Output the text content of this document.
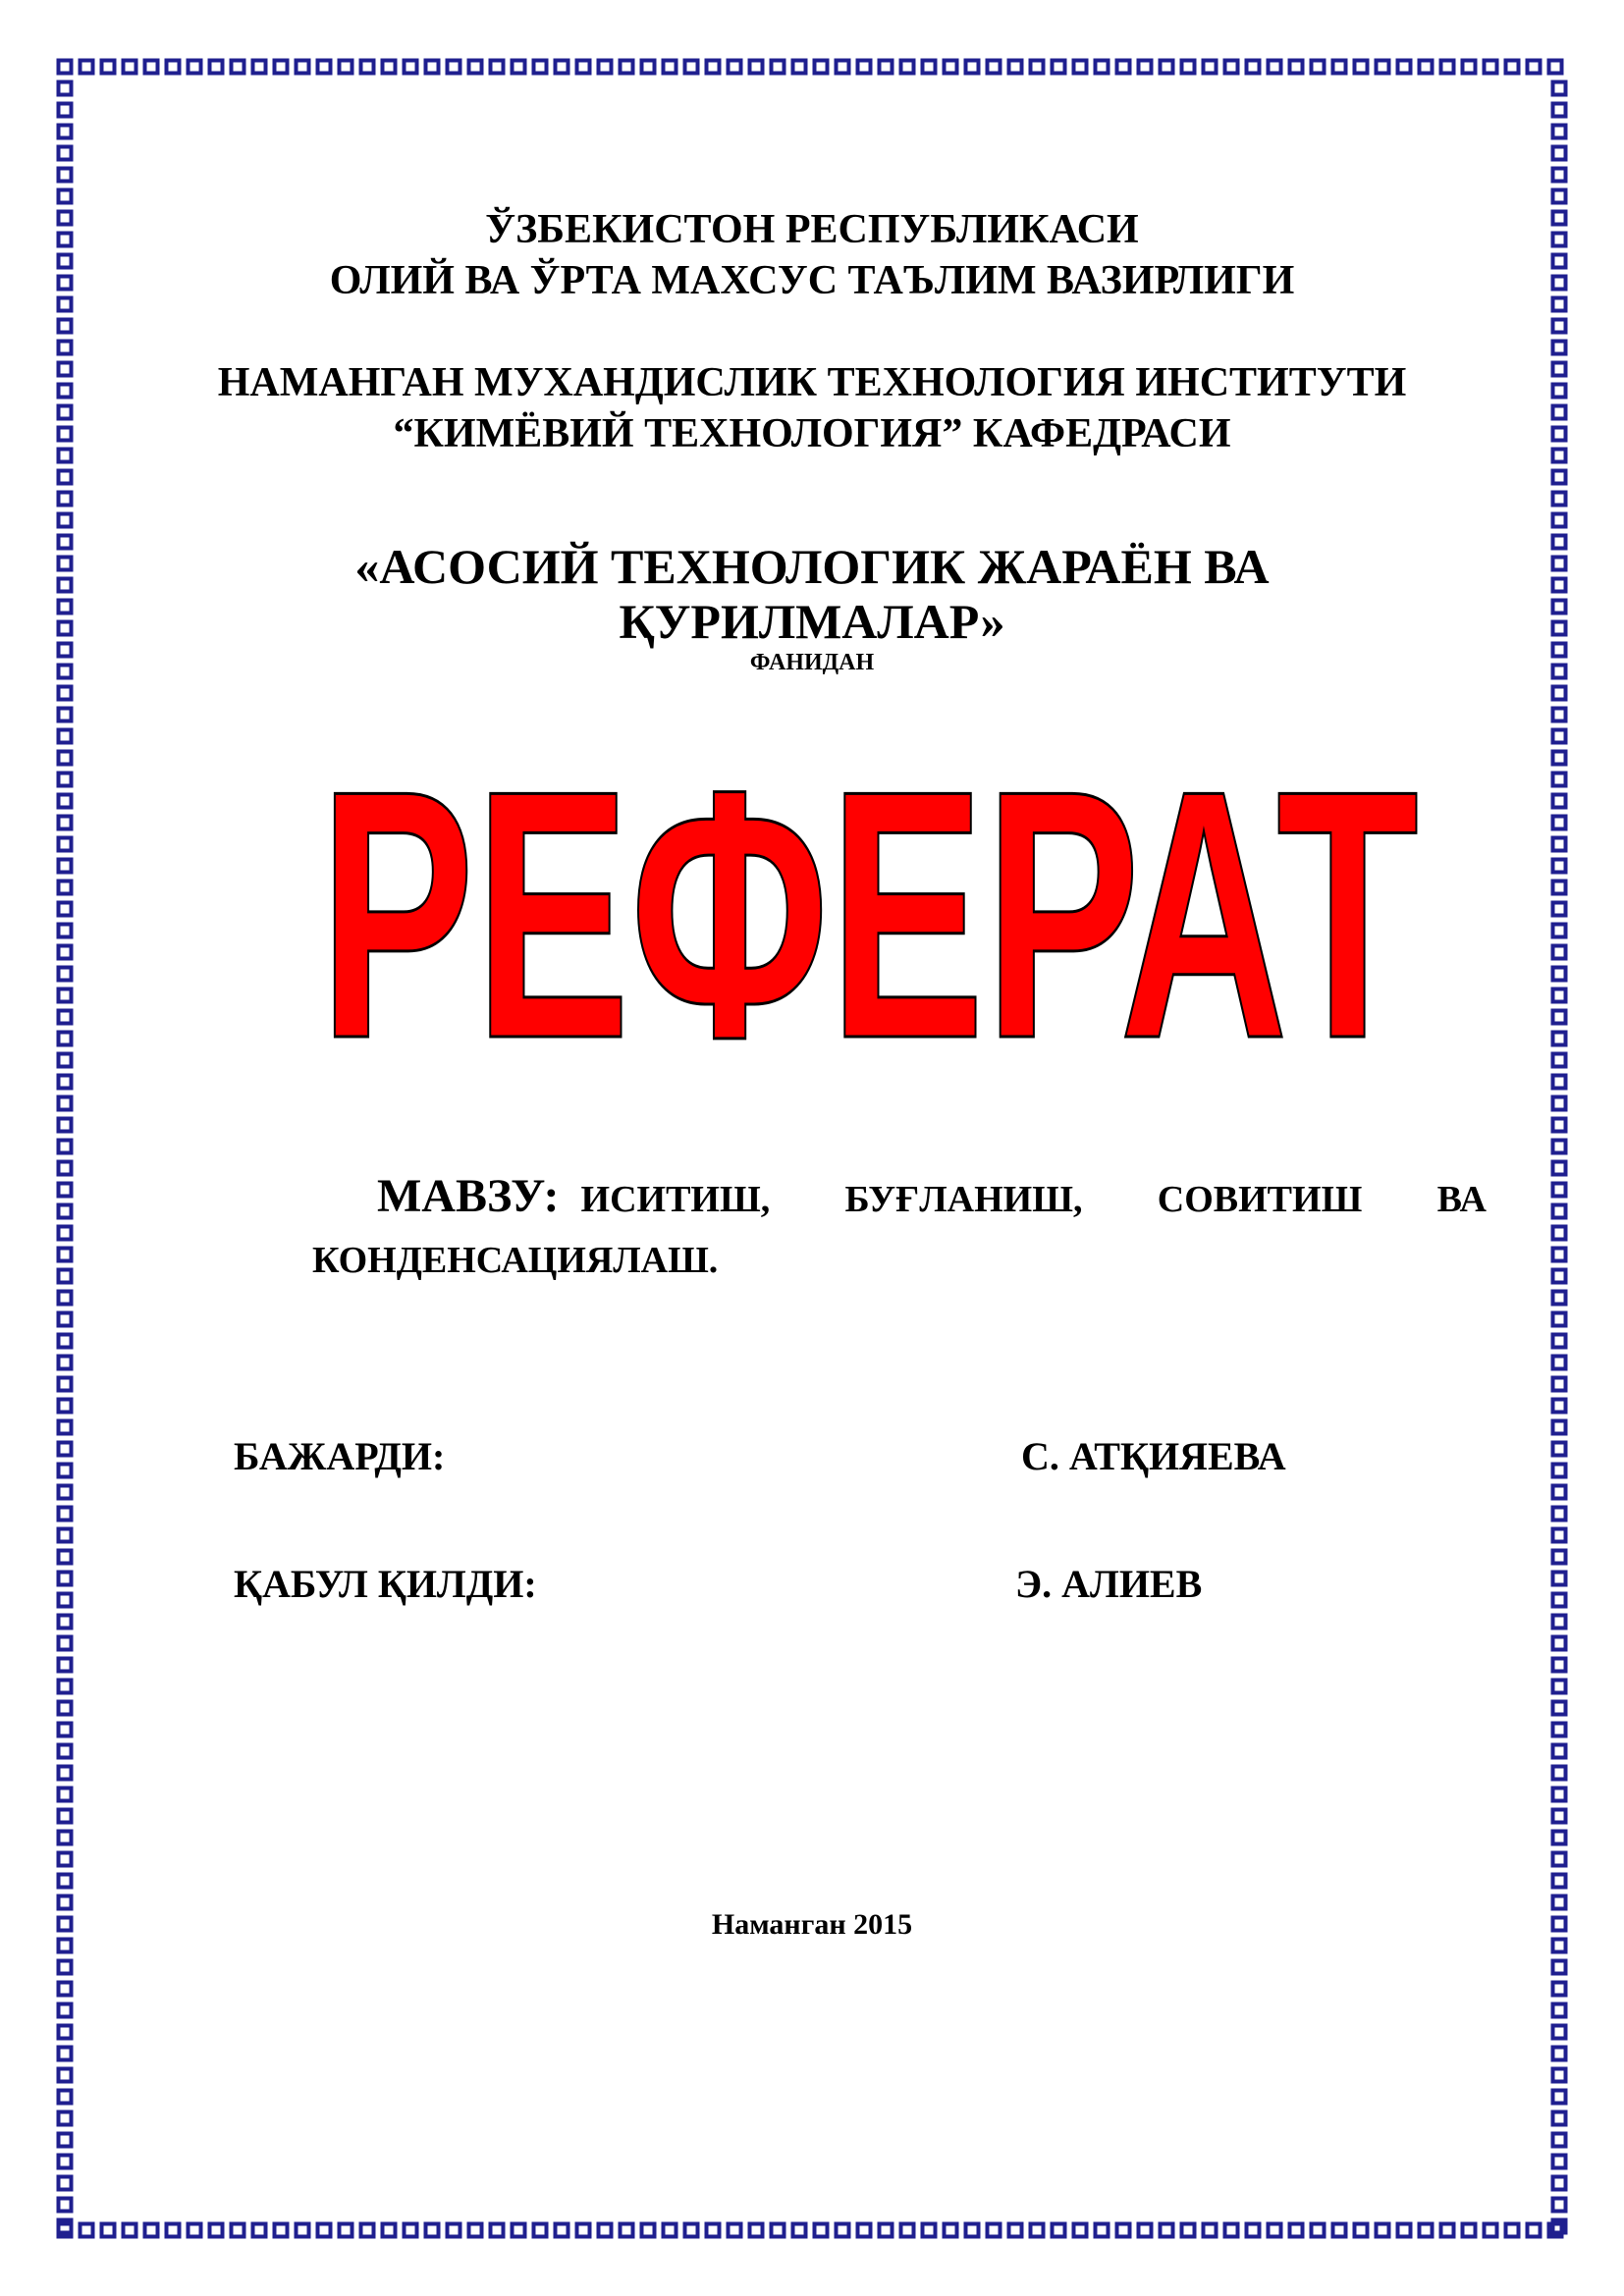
ЎЗБЕКИСТОН РЕСПУБЛИКАСИ
ОЛИЙ ВА ЎРТА МАХСУС ТАЪЛИМ ВАЗИРЛИГИ
НАМАНГАН МУХАНДИСЛИК ТЕХНОЛОГИЯ ИНСТИТУТИ
“КИМЁВИЙ ТЕХНОЛОГИЯ” КАФЕДРАСИ
«АСОСИЙ ТЕХНОЛОГИК ЖАРАЁН ВА
ҚУРИЛМАЛАР»
ФАНИДАН
РЕФЕРАТ
МАВЗУ: ИСИТИШ, БУҒЛАНИШ, СОВИТИШ ВА КОНДЕНСАЦИЯЛАШ.
БАЖАРДИ:	С. АТҚИЯЕВА
ҚАБУЛ ҚИЛДИ:	Э. АЛИЕВ
Наманган 2015
